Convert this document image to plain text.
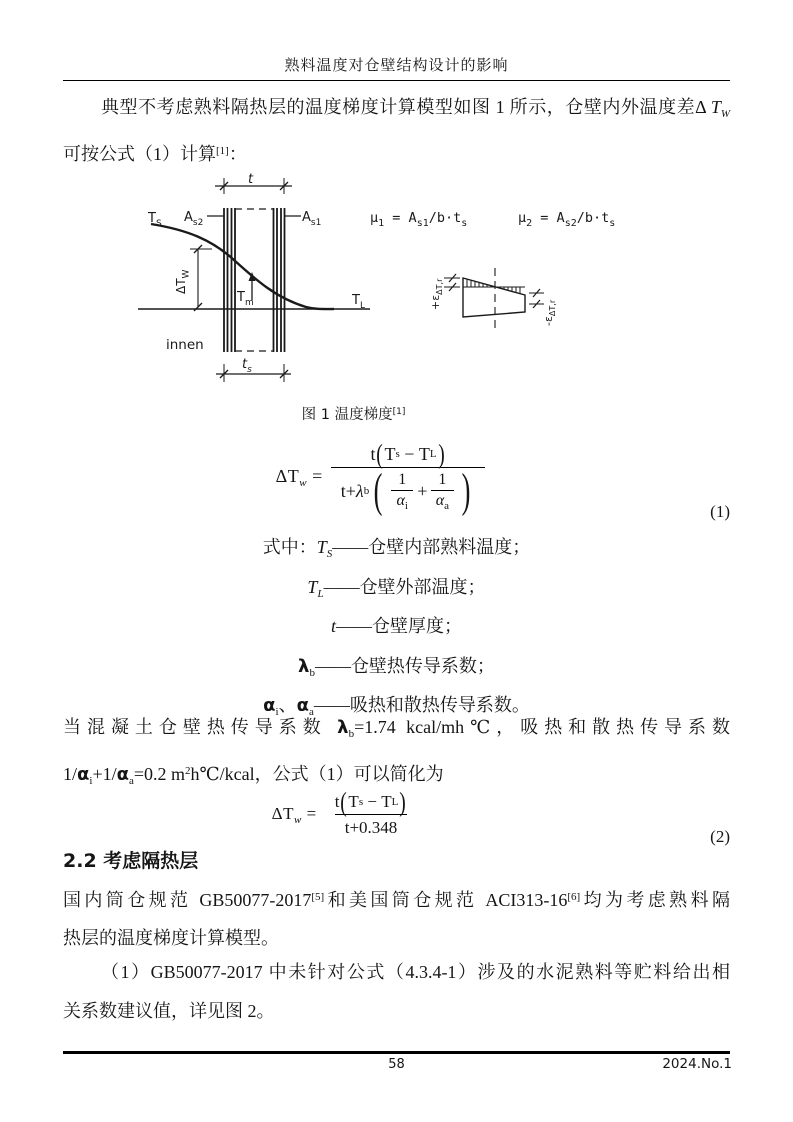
熟料温度对仓壁结构设计的影响
典型不考虑熟料隔热层的温度梯度计算模型如图 1 所示，仓壁内外温度差Δ $T_W$
可按公式（1）计算[1]：
t
$t_s$
$T_S$
$T_L$
$T_m$
$\Delta T_W$
$A_{s2}$	$A_{s1}$
innen
$\mu_1 = A_{s1}/b\cdot t_s$	$\mu_2 = A_{s2}/b\cdot t_s$
$+\varepsilon_{\Delta T,r}$
$-\varepsilon_{\Delta T,r}$
图 1 温度梯度[1]
$\Delta T_w = t$ ( T s
−
T L )
t+ λ b ( 1
$\alpha_i$
+ $\frac{1}{\alpha_a}$ )	(1)
式中：$T_S——$仓壁内部熟料温度；
$T_L——$仓壁外部温度；
t——仓壁厚度；
$\lambda_b——$仓壁热传导系数；
$\alpha_i$、$\alpha_a——$吸热和散热传导系数。
当混凝土仓壁热传导系数 $\lambda_b=1.74$ kcal/mh℃，吸热和散热传导系数
$1/\alpha_i+1/\alpha_a=0.2$ $m^2h℃$/kcal，公式（1）可以简化为
$\Delta T_w = t$ ( T s
−
T L )
t+0.348	(2)
2.2 考虑隔热层
国内筒仓规范 GB50077-2017[5]和美国筒仓规范 ACI313-16[6]均为考虑熟料隔
热层的温度梯度计算模型。
（1）GB50077-2017 中未针对公式（4.3.4-1）涉及的水泥熟料等贮料给出相
关系数建议值，详见图 2。
58	2024.No.1
